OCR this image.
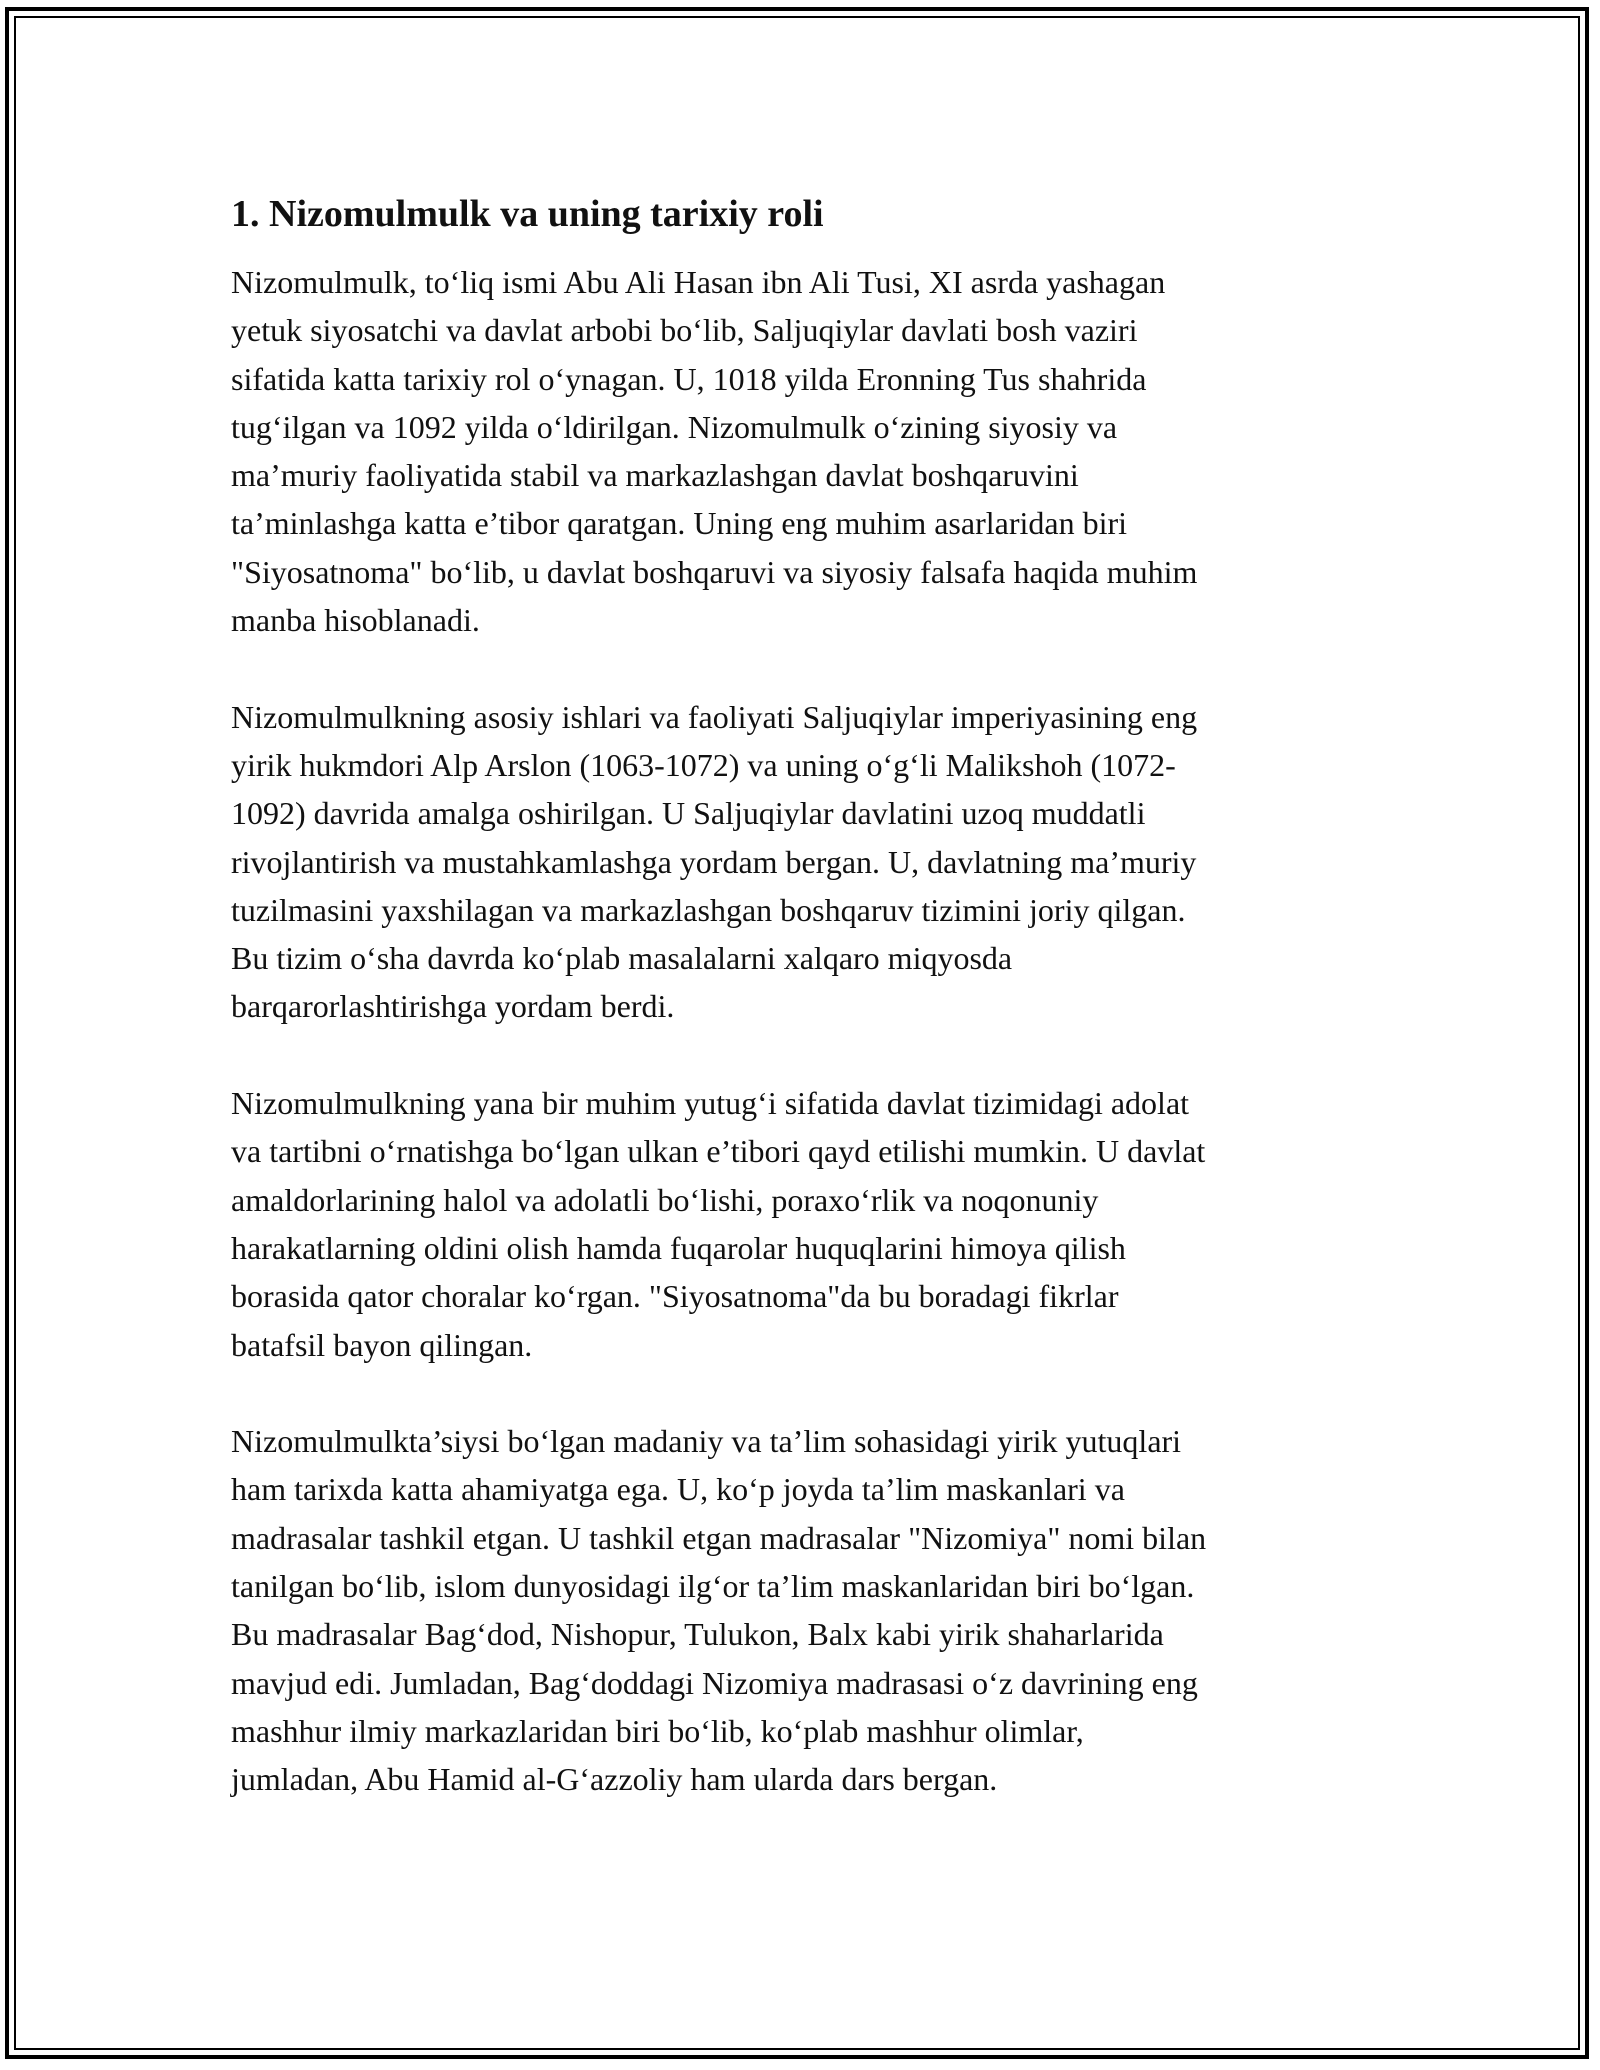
1. Nizomulmulk va uning tarixiy roli
Nizomulmulk, to‘liq ismi Abu Ali Hasan ibn Ali Tusi, XI asrda yashagan
yetuk siyosatchi va davlat arbobi bo‘lib, Saljuqiylar davlati bosh vaziri
sifatida katta tarixiy rol o‘ynagan. U, 1018 yilda Eronning Tus shahrida
tug‘ilgan va 1092 yilda o‘ldirilgan. Nizomulmulk o‘zining siyosiy va
ma’muriy faoliyatida stabil va markazlashgan davlat boshqaruvini
ta’minlashga katta e’tibor qaratgan. Uning eng muhim asarlaridan biri
"Siyosatnoma" bo‘lib, u davlat boshqaruvi va siyosiy falsafa haqida muhim
manba hisoblanadi.
Nizomulmulkning asosiy ishlari va faoliyati Saljuqiylar imperiyasining eng
yirik hukmdori Alp Arslon (1063-1072) va uning o‘g‘li Malikshoh (1072-
1092) davrida amalga oshirilgan. U Saljuqiylar davlatini uzoq muddatli
rivojlantirish va mustahkamlashga yordam bergan. U, davlatning ma’muriy
tuzilmasini yaxshilagan va markazlashgan boshqaruv tizimini joriy qilgan.
Bu tizim o‘sha davrda ko‘plab masalalarni xalqaro miqyosda
barqarorlashtirishga yordam berdi.
Nizomulmulkning yana bir muhim yutug‘i sifatida davlat tizimidagi adolat
va tartibni o‘rnatishga bo‘lgan ulkan e’tibori qayd etilishi mumkin. U davlat
amaldorlarining halol va adolatli bo‘lishi, poraxo‘rlik va noqonuniy
harakatlarning oldini olish hamda fuqarolar huquqlarini himoya qilish
borasida qator choralar ko‘rgan. "Siyosatnoma"da bu boradagi fikrlar
batafsil bayon qilingan.
Nizomulmulkta’siysi bo‘lgan madaniy va ta’lim sohasidagi yirik yutuqlari
ham tarixda katta ahamiyatga ega. U, ko‘p joyda ta’lim maskanlari va
madrasalar tashkil etgan. U tashkil etgan madrasalar "Nizomiya" nomi bilan
tanilgan bo‘lib, islom dunyosidagi ilg‘or ta’lim maskanlaridan biri bo‘lgan.
Bu madrasalar Bag‘dod, Nishopur, Tulukon, Balx kabi yirik shaharlarida
mavjud edi. Jumladan, Bag‘doddagi Nizomiya madrasasi o‘z davrining eng
mashhur ilmiy markazlaridan biri bo‘lib, ko‘plab mashhur olimlar,
jumladan, Abu Hamid al-G‘azzoliy ham ularda dars bergan.
